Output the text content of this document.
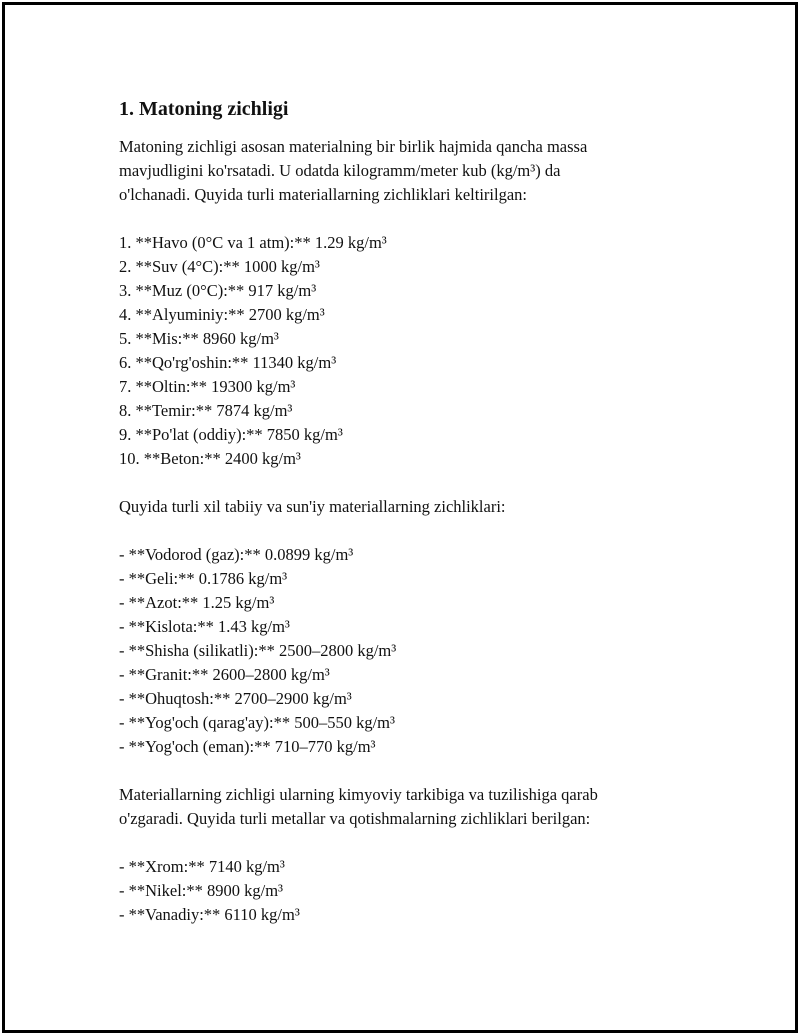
1. Matoning zichligi

Matoning zichligi asosan materialning bir birlik hajmida qancha massa
mavjudligini ko'rsatadi. U odatda kilogramm/meter kub (kg/m³) da
o'lchanadi. Quyida turli materiallarning zichliklari keltirilgan:

1. **Havo (0°C va 1 atm):** 1.29 kg/m³
2. **Suv (4°C):** 1000 kg/m³
3. **Muz (0°C):** 917 kg/m³
4. **Alyuminiy:** 2700 kg/m³
5. **Mis:** 8960 kg/m³
6. **Qo'rg'oshin:** 11340 kg/m³
7. **Oltin:** 19300 kg/m³
8. **Temir:** 7874 kg/m³
9. **Po'lat (oddiy):** 7850 kg/m³
10. **Beton:** 2400 kg/m³

Quyida turli xil tabiiy va sun'iy materiallarning zichliklari:

- **Vodorod (gaz):** 0.0899 kg/m³
- **Geli:** 0.1786 kg/m³
- **Azot:** 1.25 kg/m³
- **Kislota:** 1.43 kg/m³
- **Shisha (silikatli):** 2500–2800 kg/m³
- **Granit:** 2600–2800 kg/m³
- **Ohuqtosh:** 2700–2900 kg/m³
- **Yog'och (qarag'ay):** 500–550 kg/m³
- **Yog'och (eman):** 710–770 kg/m³

Materiallarning zichligi ularning kimyoviy tarkibiga va tuzilishiga qarab
o'zgaradi. Quyida turli metallar va qotishmalarning zichliklari berilgan:

- **Xrom:** 7140 kg/m³
- **Nikel:** 8900 kg/m³
- **Vanadiy:** 6110 kg/m³
